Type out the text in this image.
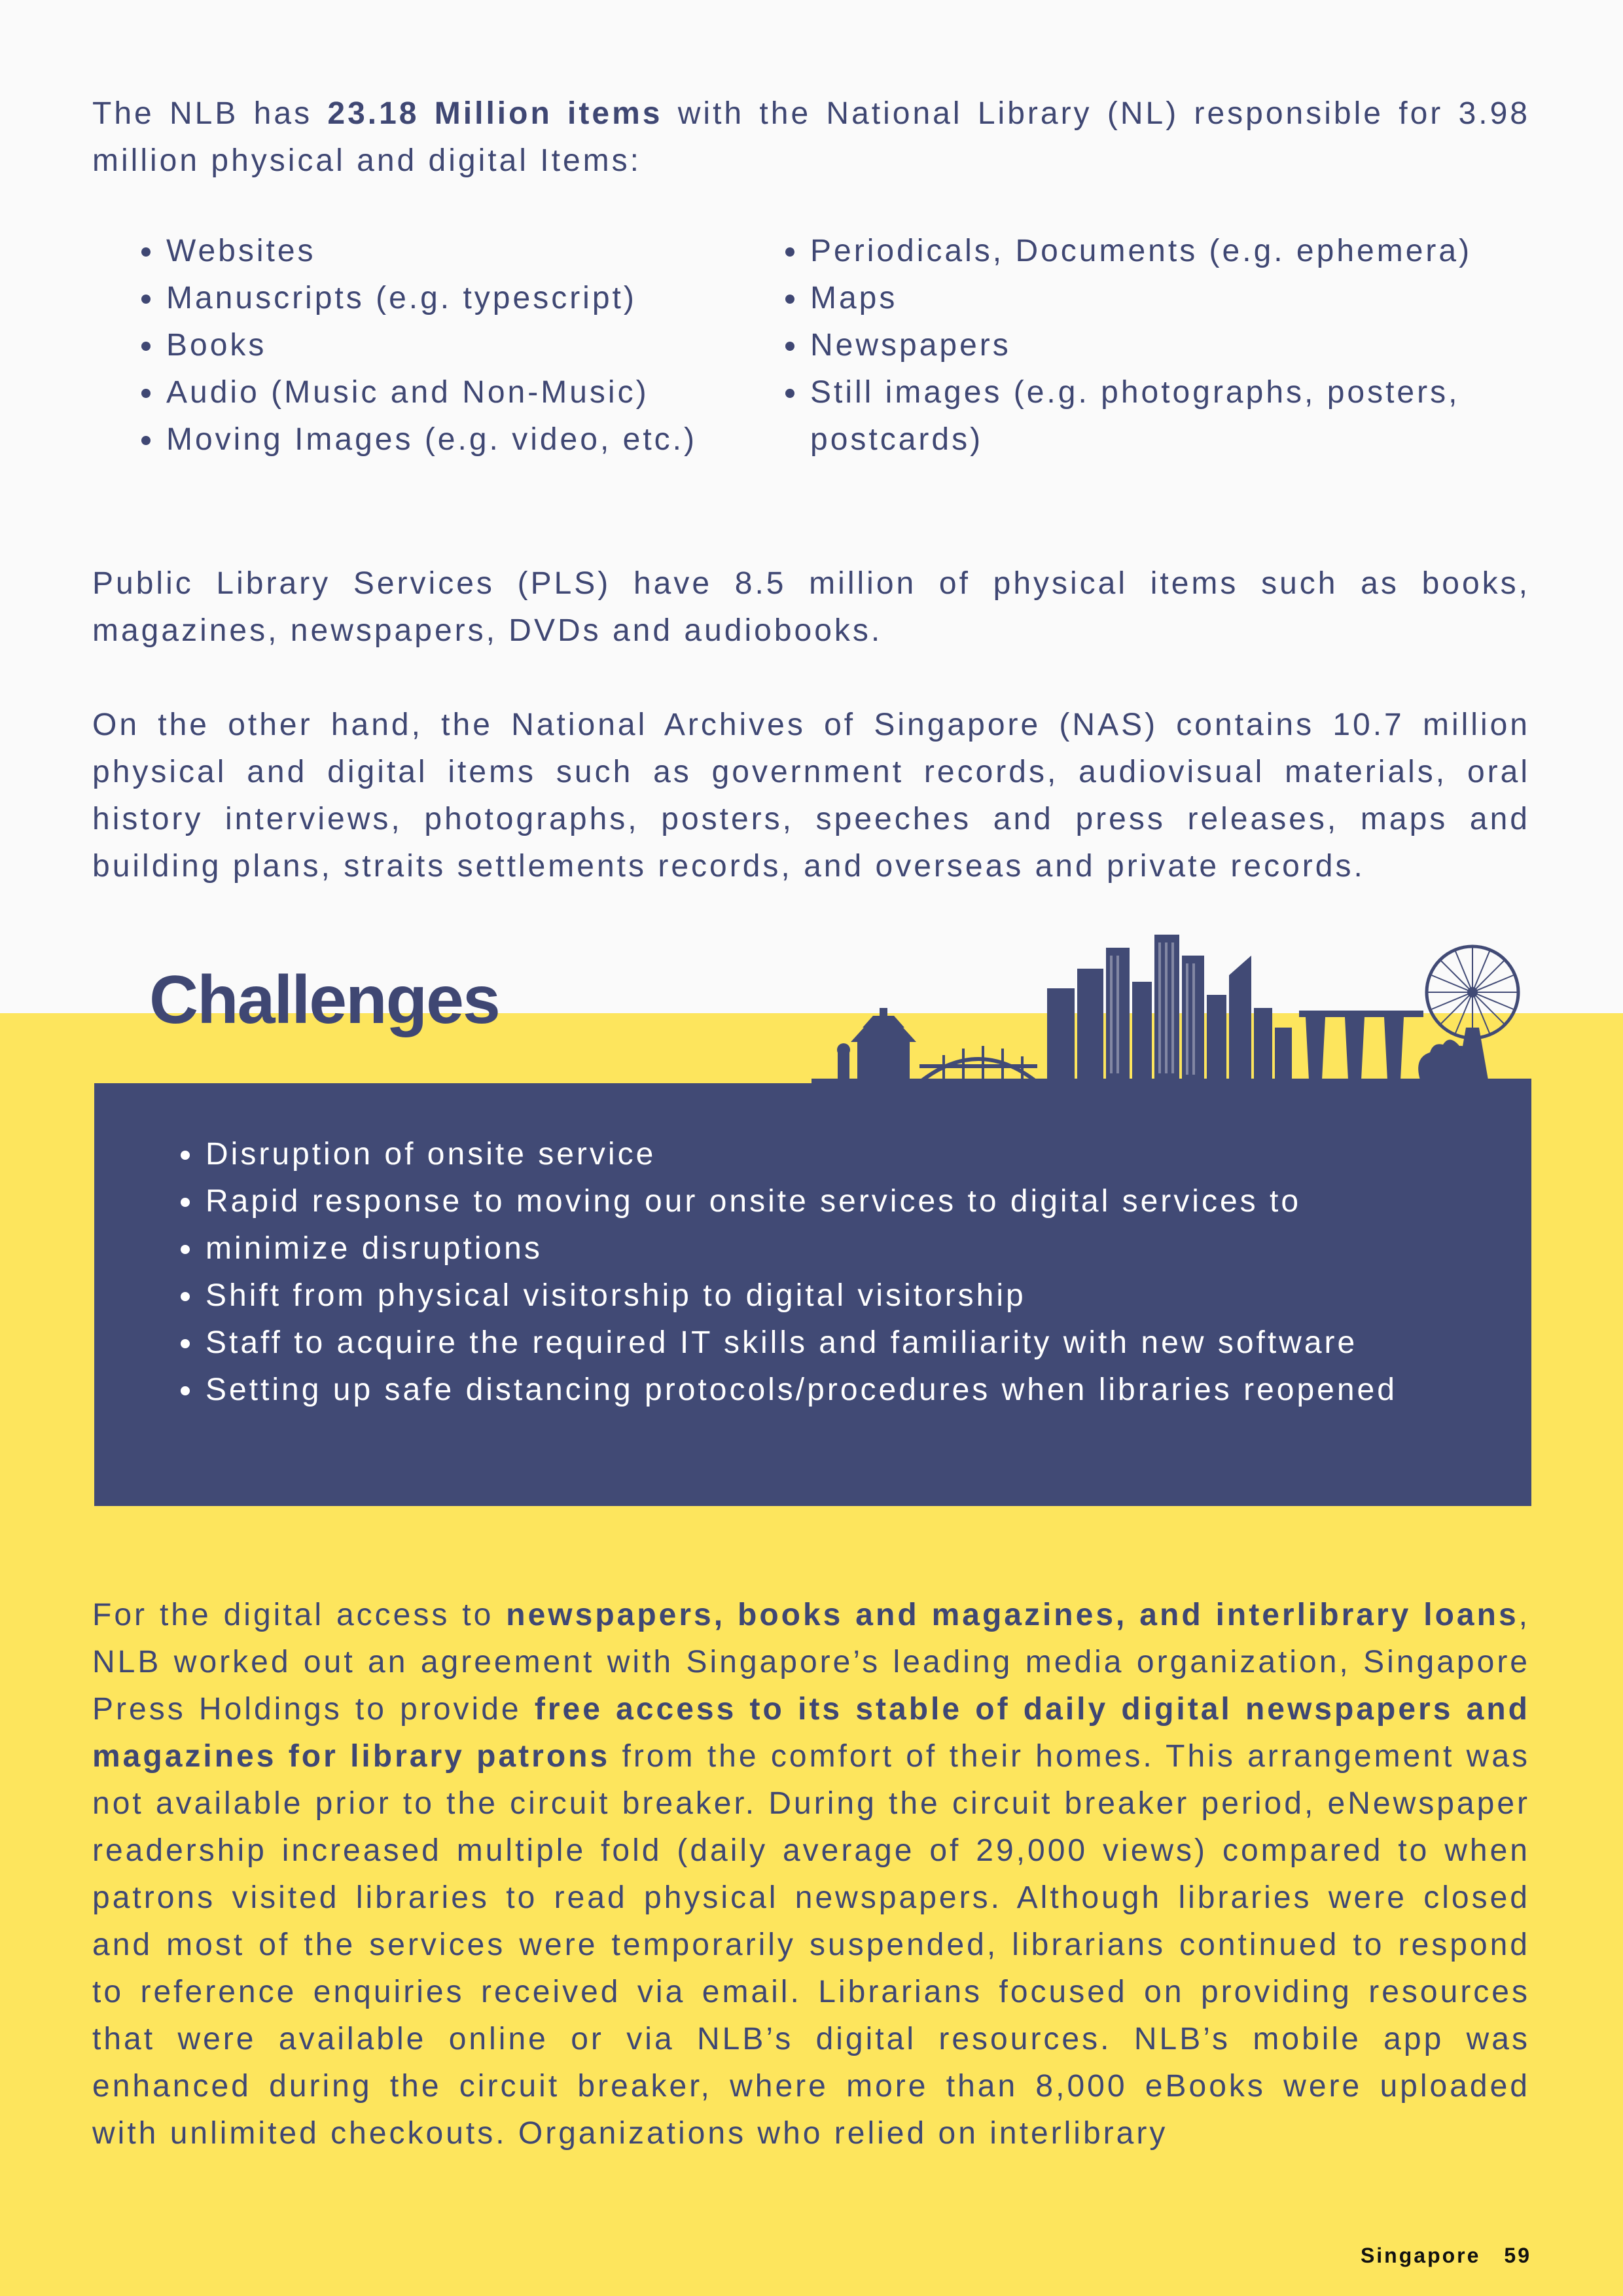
The NLB has 23.18 Million items with the National Library (NL) responsible for 3.98 million physical and digital Items:

Websites
Manuscripts (e.g. typescript)
Books
Audio (Music and Non-Music)
Moving Images (e.g. video, etc.)
Periodicals, Documents (e.g. ephemera)
Maps
Newspapers
Still images (e.g. photographs, posters, postcards)

Public Library Services (PLS) have 8.5 million of physical items such as books, magazines, newspapers, DVDs and audiobooks.

On the other hand, the National Archives of Singapore (NAS) contains 10.7 million physical and digital items such as government records, audiovisual materials, oral history interviews, photographs, posters, speeches and press releases, maps and building plans, straits settlements records, and overseas and private records.

Challenges
Disruption of onsite service
Rapid response to moving our onsite services to digital services to
minimize disruptions
Shift from physical visitorship to digital visitorship
Staff to acquire the required IT skills and familiarity with new software
Setting up safe distancing protocols/procedures when libraries reopened

For the digital access to newspapers, books and magazines, and interlibrary loans, NLB worked out an agreement with Singapore’s leading media organization, Singapore Press Holdings to provide free access to its stable of daily digital newspapers and magazines for library patrons from the comfort of their homes. This arrangement was not available prior to the circuit breaker. During the circuit breaker period, eNewspaper readership increased multiple fold (daily average of 29,000 views) compared to when patrons visited libraries to read physical newspapers. Although libraries were closed and most of the services were temporarily suspended, librarians continued to respond to reference enquiries received via email. Librarians focused on providing resources that were available online or via NLB’s digital resources. NLB’s mobile app was enhanced during the circuit breaker, where more than 8,000 eBooks were uploaded with unlimited checkouts. Organizations who relied on interlibrary

Singapore 59
